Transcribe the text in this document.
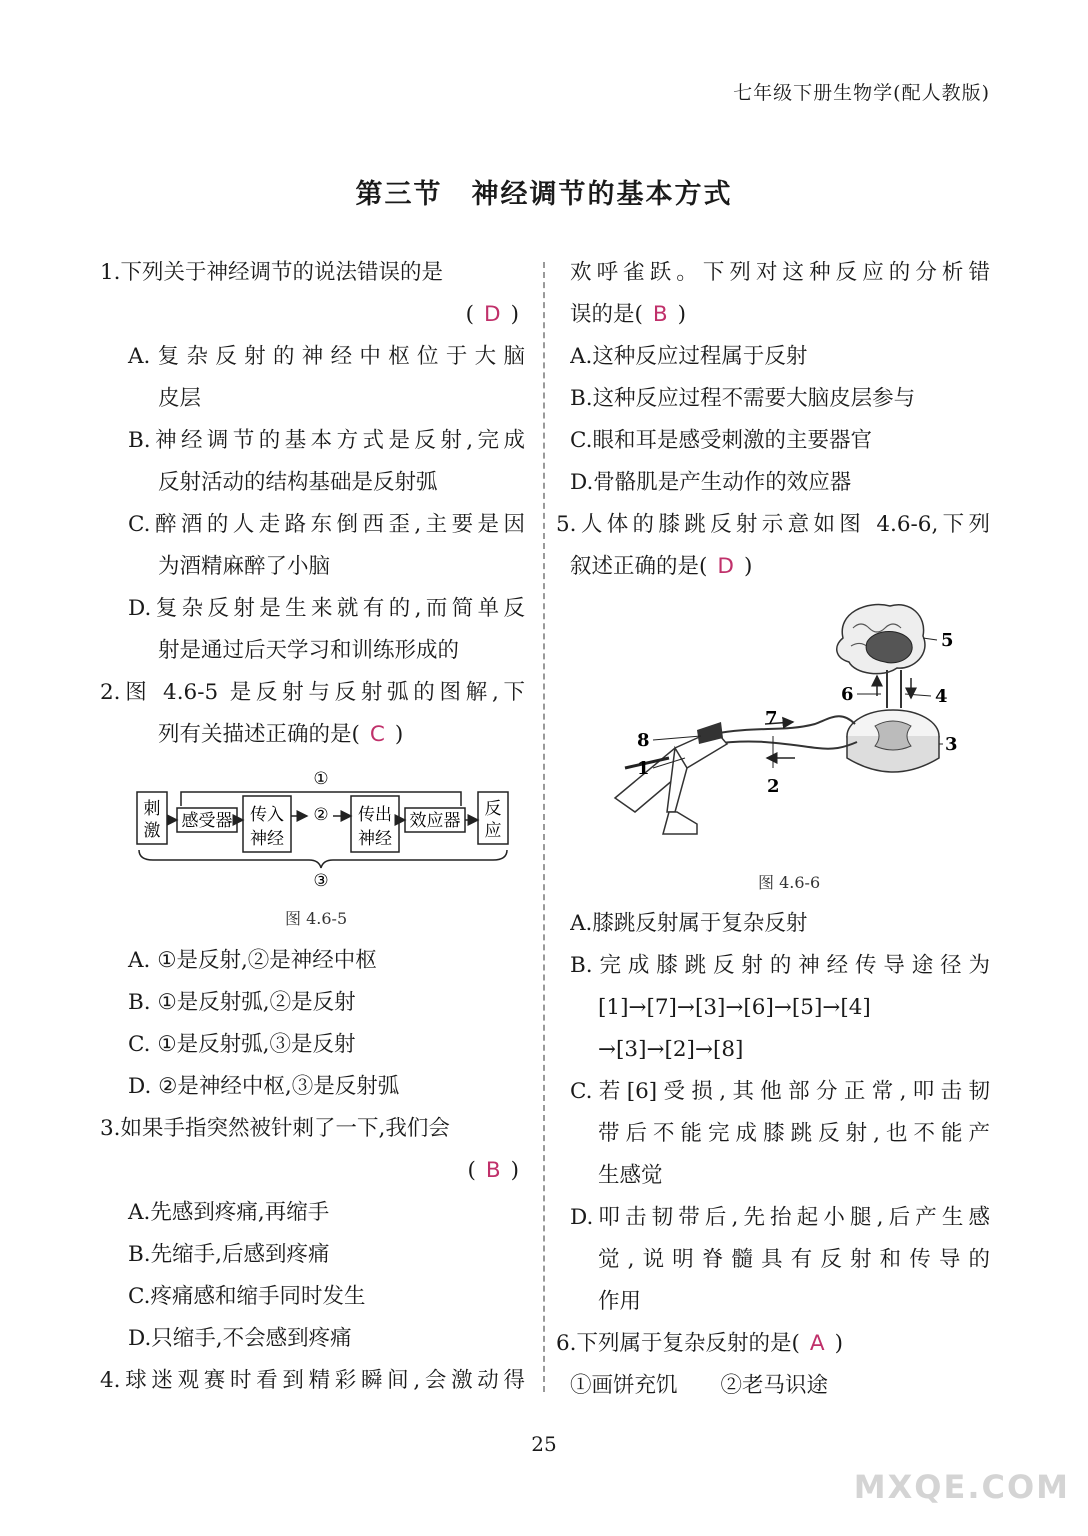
七年级下册生物学(配人教版)
第三节　神经调节的基本方式
1.下列关于神经调节的说法错误的是
( D )
A.复杂反射的神经中枢位于大脑
皮层
B.神经调节的基本方式是反射,完成
反射活动的结构基础是反射弧
C.醉酒的人走路东倒西歪,主要是因
为酒精麻醉了小脑
D.复杂反射是生来就有的,而简单反
射是通过后天学习和训练形成的
2.图 4.6-5 是反射与反射弧的图解,下
列有关描述正确的是( C )
A. ①是反射,②是神经中枢
B. ①是反射弧,②是反射
C. ①是反射弧,③是反射
D. ②是神经中枢,③是反射弧
3.如果手指突然被针刺了一下,我们会
( B )
A.先感到疼痛,再缩手
B.先缩手,后感到疼痛
C.疼痛感和缩手同时发生
D.只缩手,不会感到疼痛
4.球迷观赛时看到精彩瞬间,会激动得
刺
激 感受器 传入
神经
传出
神经
效应器
反
应
①
②
③
图 4.6-5
欢呼雀跃。下列对这种反应的分析错
误的是( B )
A.这种反应过程属于反射
B.这种反应过程不需要大脑皮层参与
C.眼和耳是感受刺激的主要器官
D.骨骼肌是产生动作的效应器
5.人体的膝跳反射示意如图 4.6-6,下列
叙述正确的是( D )
A.膝跳反射属于复杂反射
B.完成膝跳反射的神经传导途径为
[1]→[7]→[3]→[6]→[5]→[4]
→[3]→[2]→[8]
C.若[6]受损,其他部分正常,叩击韧
带后不能完成膝跳反射,也不能产
生感觉
D.叩击韧带后,先抬起小腿,后产生感
觉,说明脊髓具有反射和传导的
作用
6.下列属于复杂反射的是( A )
①画饼充饥　　②老马识途
5
4
6
7
3
8
1
2
图 4.6-6
25
MXQE.COM
